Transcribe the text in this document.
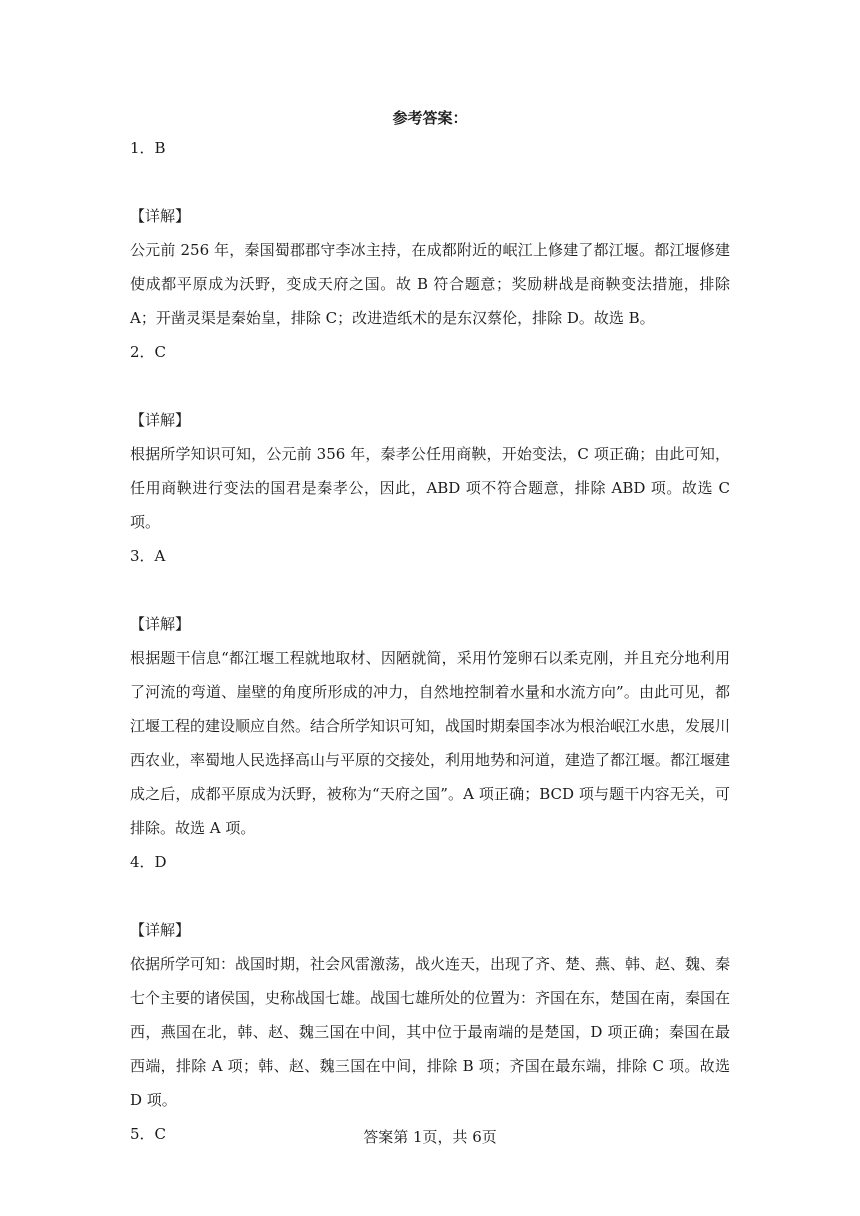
参考答案：
1．B
【详解】

公元前 256 年，秦国蜀郡郡守李冰主持，在成都附近的岷江上修建了都江堰。都江堰修建使成都平原成为沃野，变成天府之国。故 B 符合题意；奖励耕战是商鞅变法措施，排除 A；开凿灵渠是秦始皇，排除 C；改进造纸术的是东汉蔡伦，排除 D。故选 B。

2．C
【详解】

根据所学知识可知，公元前 356 年，秦孝公任用商鞅，开始变法，C 项正确；由此可知，任用商鞅进行变法的国君是秦孝公，因此，ABD 项不符合题意，排除 ABD 项。故选 C 项。

3．A
【详解】

根据题干信息“都江堰工程就地取材、因陋就简，采用竹笼卵石以柔克刚，并且充分地利用了河流的弯道、崖壁的角度所形成的冲力，自然地控制着水量和水流方向”。由此可见，都江堰工程的建设顺应自然。结合所学知识可知，战国时期秦国李冰为根治岷江水患，发展川西农业，率蜀地人民选择高山与平原的交接处，利用地势和河道，建造了都江堰。都江堰建成之后，成都平原成为沃野，被称为“天府之国”。A 项正确；BCD 项与题干内容无关，可排除。故选 A 项。

4．D
【详解】

依据所学可知：战国时期，社会风雷激荡，战火连天，出现了齐、楚、燕、韩、赵、魏、秦七个主要的诸侯国，史称战国七雄。战国七雄所处的位置为：齐国在东，楚国在南，秦国在西，燕国在北，韩、赵、魏三国在中间，其中位于最南端的是楚国，D 项正确；秦国在最西端，排除 A 项；韩、赵、魏三国在中间，排除 B 项；齐国在最东端，排除 C 项。故选 D 项。

5．C	答案第 1页，共 6页
